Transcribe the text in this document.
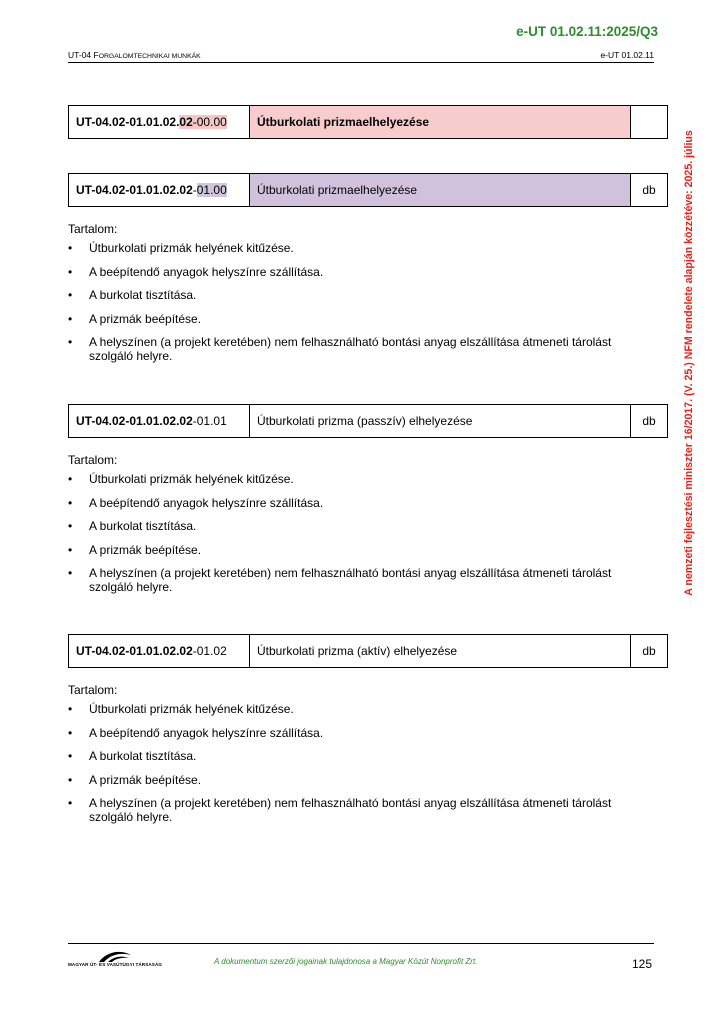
e-UT 01.02.11:2025/Q3
UT-04 FORGALOMTECHNIKAI MUNKÁK	e-UT 01.02.11
A nemzeti fejlesztési miniszter 16/2017. (V. 25.) NFM rendelete alapján közzétéve: 2025. július
UT-04.02-01.01.02. 02 -00.00	Útburkolati prizmaelhelyezése
UT-04.02-01.01.02.02 - 01.00	Útburkolati prizmaelhelyezése	db
Tartalom:
• Útburkolati prizmák helyének kitűzése.
• A beépítendő anyagok helyszínre szállítása.
• A burkolat tisztítása.
• A prizmák beépítése.
• A helyszínen (a projekt keretében) nem felhasználható bontási anyag elszállítása átmeneti tárolást szolgáló helyre.
UT-04.02-01.01.02.02 -01.01	Útburkolati prizma (passzív) elhelyezése	db
Tartalom:
• Útburkolati prizmák helyének kitűzése.
• A beépítendő anyagok helyszínre szállítása.
• A burkolat tisztítása.
• A prizmák beépítése.
• A helyszínen (a projekt keretében) nem felhasználható bontási anyag elszállítása átmeneti tárolást szolgáló helyre.
UT-04.02-01.01.02.02 -01.02	Útburkolati prizma (aktív) elhelyezése	db
Tartalom:
• Útburkolati prizmák helyének kitűzése.
• A beépítendő anyagok helyszínre szállítása.
• A burkolat tisztítása.
• A prizmák beépítése.
• A helyszínen (a projekt keretében) nem felhasználható bontási anyag elszállítása átmeneti tárolást szolgáló helyre.
MAGYAR ÚT- ÉS VASÚTÜGYI TÁRSASÁG	A dokumentum szerzői jogainak tulajdonosa a Magyar Közút Nonprofit Zrt.	125
